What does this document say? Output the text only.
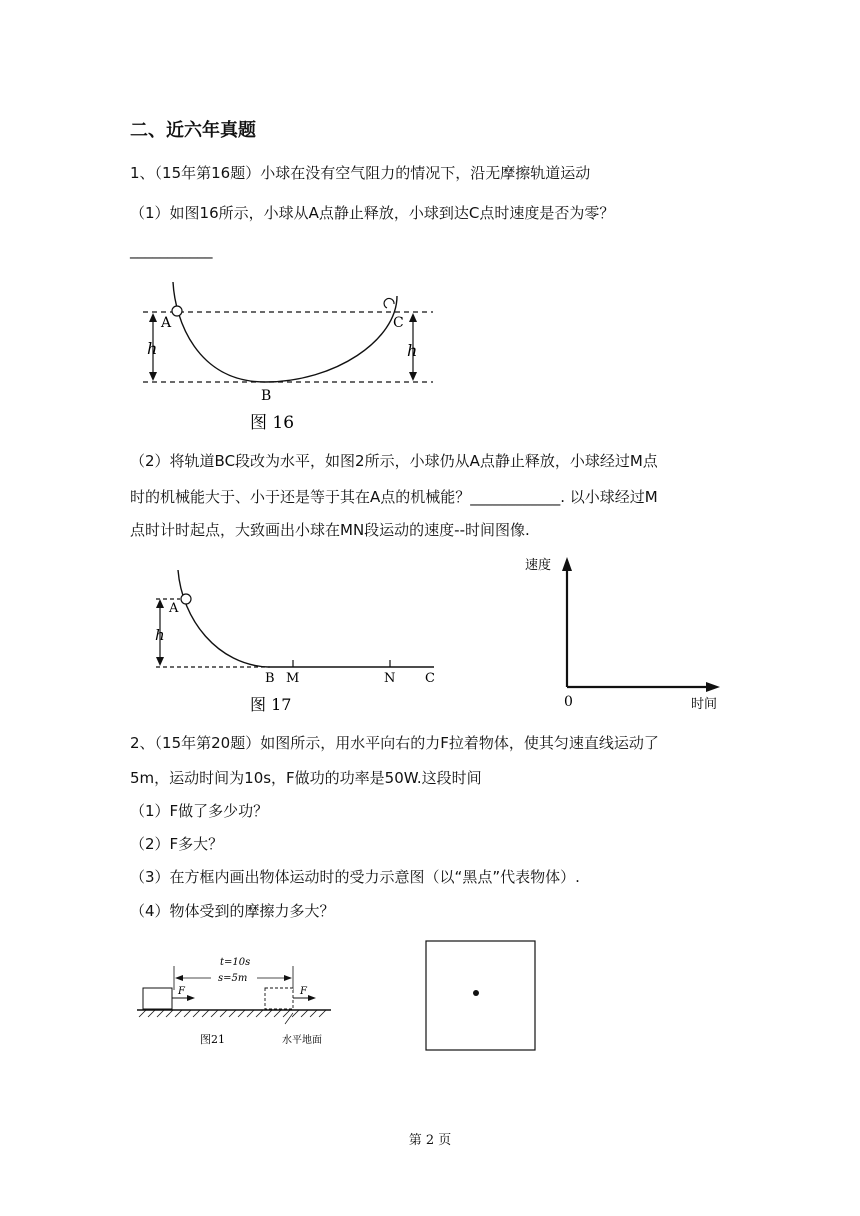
二、近六年真题
1、（15年第16题）小球在没有空气阻力的情况下，沿无摩擦轨道运动
（1）如图16所示，小球从A点静止释放，小球到达C点时速度是否为零？
___________
A	C
h	h
B
图 16
（2）将轨道BC段改为水平，如图2所示，小球仍从A点静止释放，小球经过M点
时的机械能大于、小于还是等于其在A点的机械能？____________. 以小球经过M
点时计时起点，大致画出小球在MN段运动的速度--时间图像.
A
h
B M	N C
图 17
速度
时间
0
2、（15年第20题）如图所示，用水平向右的力F拉着物体，使其匀速直线运动了
5m，运动时间为10s，F做功的功率是50W.这段时间
（1）F做了多少功？
（2）F多大？
（3）在方框内画出物体运动时的受力示意图（以“黑点”代表物体）.
（4）物体受到的摩擦力多大？
t=10s
s=5m
F	F
图21	水平地面
第 2 页
